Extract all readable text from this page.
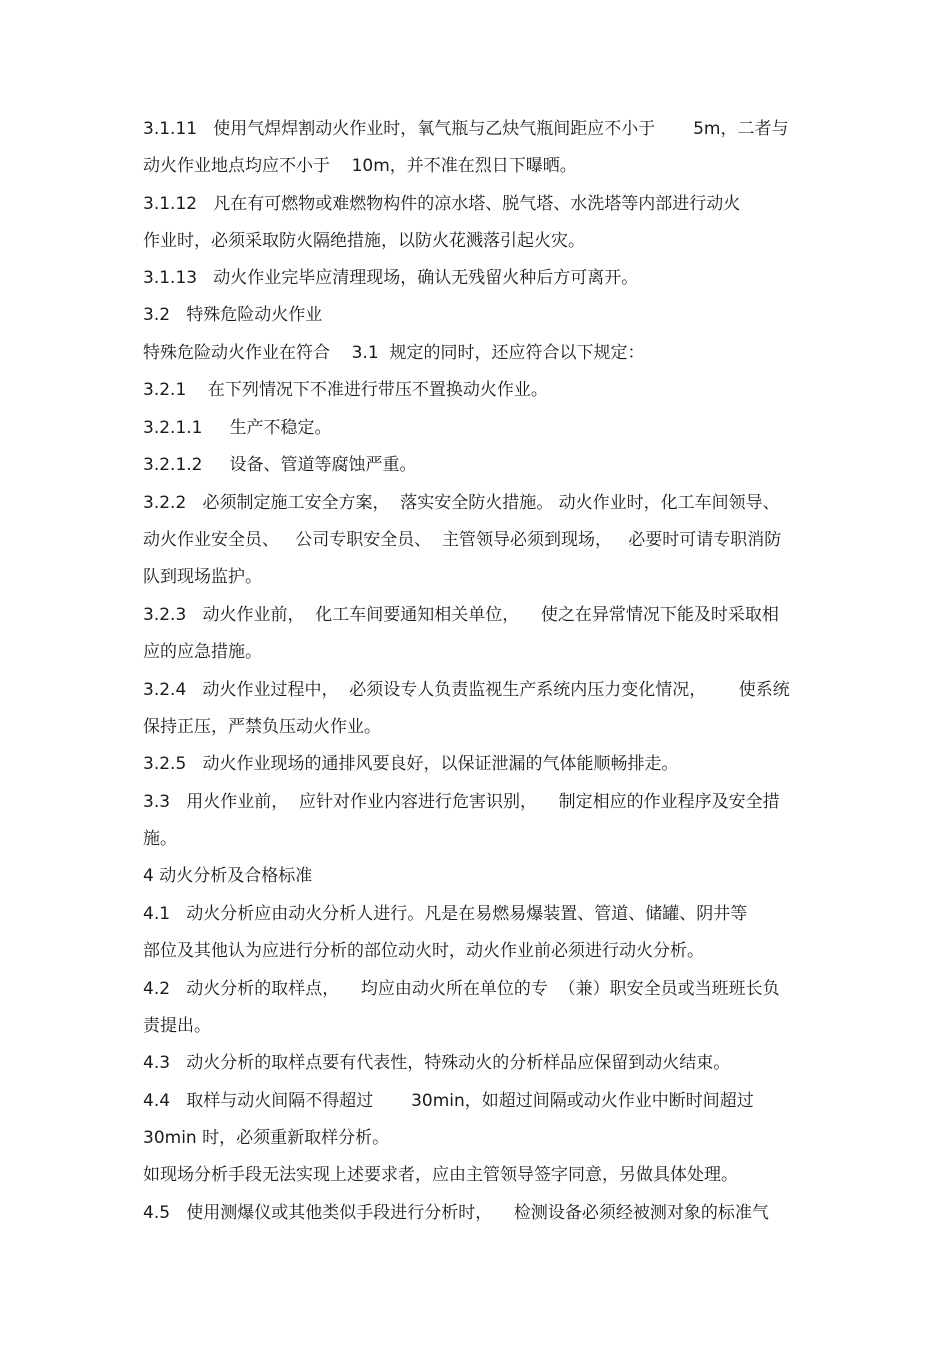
3.1.11   使用气焊焊割动火作业时，氧气瓶与乙炔气瓶间距应不小于       5m，二者与
动火作业地点均应不小于    10m，并不准在烈日下曝晒。
3.1.12   凡在有可燃物或难燃物构件的凉水塔、脱气塔、水洗塔等内部进行动火
作业时，必须采取防火隔绝措施，以防火花溅落引起火灾。
3.1.13   动火作业完毕应清理现场，确认无残留火种后方可离开。
3.2   特殊危险动火作业
特殊危险动火作业在符合    3.1  规定的同时，还应符合以下规定：
3.2.1    在下列情况下不准进行带压不置换动火作业。
3.2.1.1     生产不稳定。
3.2.1.2     设备、管道等腐蚀严重。
3.2.2   必须制定施工安全方案，  落实安全防火措施。 动火作业时，化工车间领导、
动火作业安全员、   公司专职安全员、  主管领导必须到现场，   必要时可请专职消防
队到现场监护。
3.2.3   动火作业前，  化工车间要通知相关单位，    使之在异常情况下能及时采取相
应的应急措施。
3.2.4   动火作业过程中，  必须设专人负责监视生产系统内压力变化情况，      使系统
保持正压，严禁负压动火作业。
3.2.5   动火作业现场的通排风要良好，以保证泄漏的气体能顺畅排走。
3.3   用火作业前，  应针对作业内容进行危害识别，    制定相应的作业程序及安全措
施。
4 动火分析及合格标准
4.1   动火分析应由动火分析人进行。凡是在易燃易爆装置、管道、储罐、阴井等
部位及其他认为应进行分析的部位动火时，动火作业前必须进行动火分析。
4.2   动火分析的取样点，    均应由动火所在单位的专  （兼）职安全员或当班班长负
责提出。
4.3   动火分析的取样点要有代表性，特殊动火的分析样品应保留到动火结束。
4.4   取样与动火间隔不得超过       30min，如超过间隔或动火作业中断时间超过
30min 时，必须重新取样分析。
如现场分析手段无法实现上述要求者，应由主管领导签字同意，另做具体处理。
4.5   使用测爆仪或其他类似手段进行分析时，    检测设备必须经被测对象的标准气
